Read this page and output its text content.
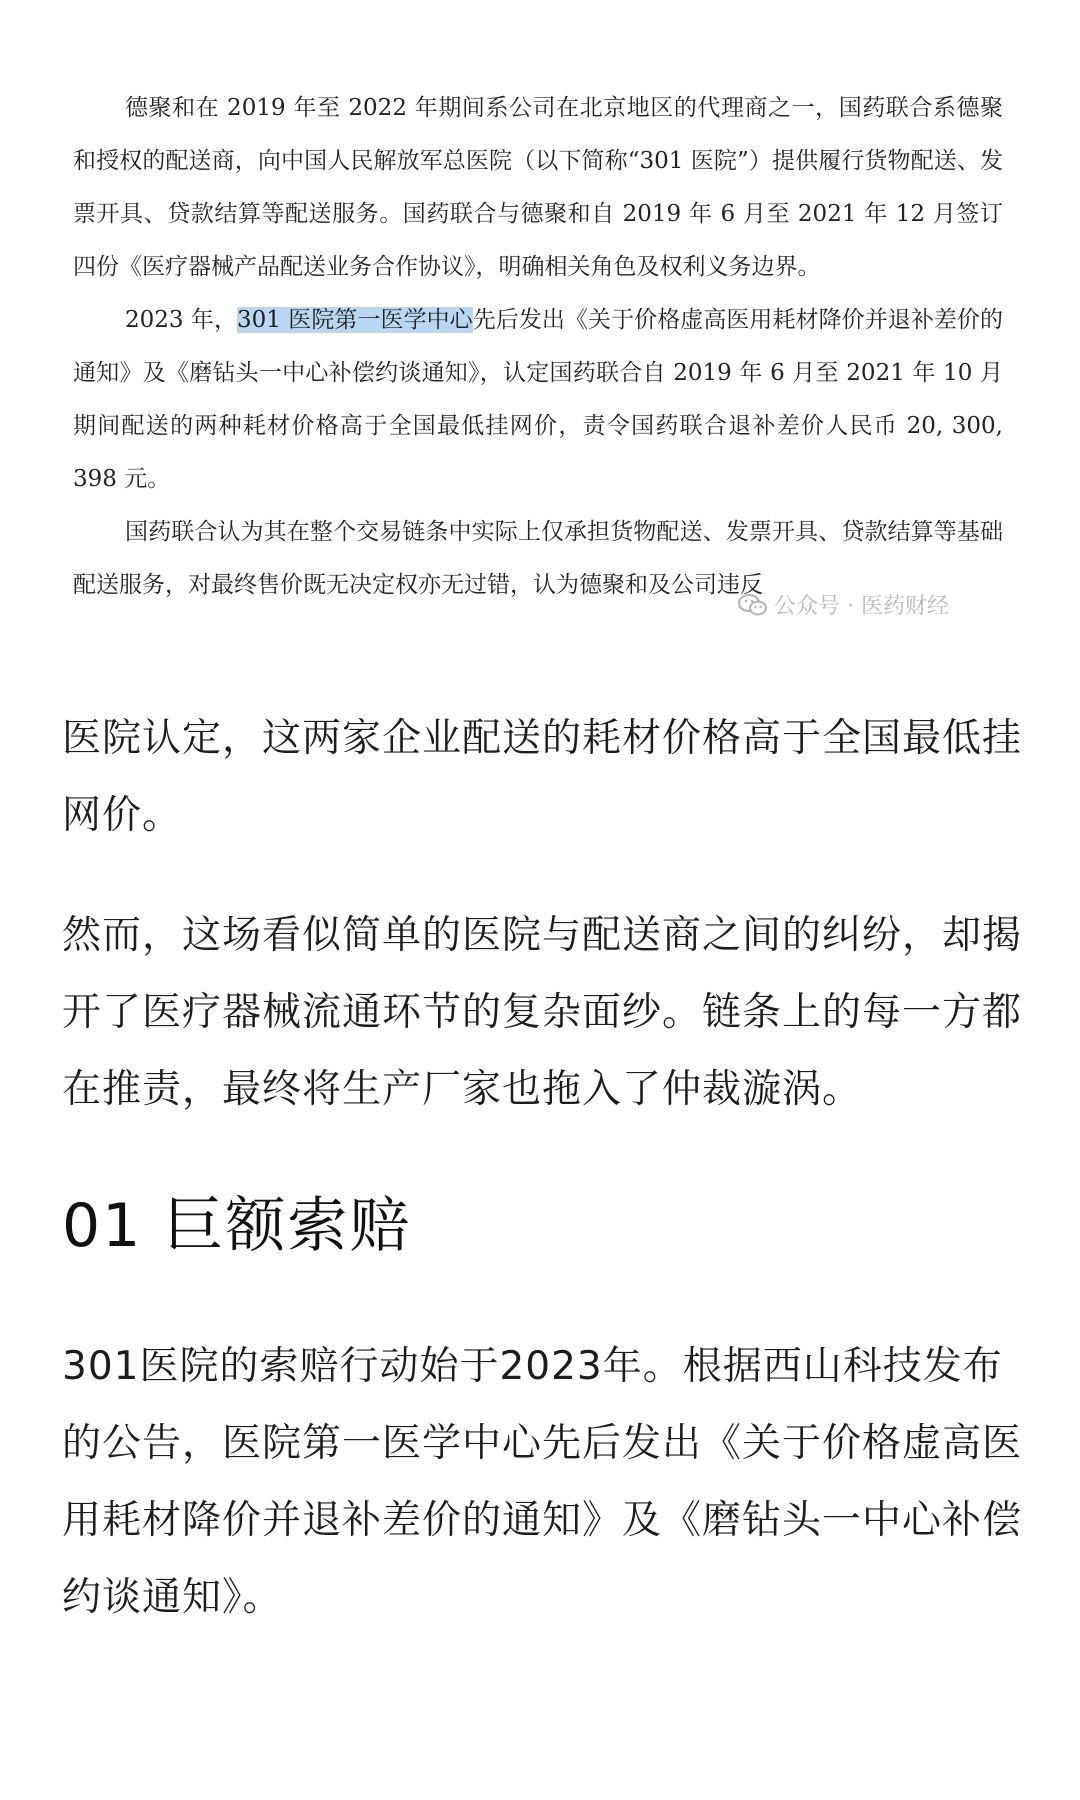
德聚和在 2019 年至 2022 年期间系公司在北京地区的代理商之一，国药联合系德聚和授权的配送商，向中国人民解放军总医院（以下简称“301 医院”）提供履行货物配送、发票开具、贷款结算等配送服务。国药联合与德聚和自 2019 年 6 月至 2021 年 12 月签订四份《医疗器械产品配送业务合作协议》，明确相关角色及权利义务边界。

2023 年，301 医院第一医学中心先后发出《关于价格虚高医用耗材降价并退补差价的通知》及《磨钻头一中心补偿约谈通知》，认定国药联合自 2019 年 6 月至 2021 年 10 月期间配送的两种耗材价格高于全国最低挂网价，责令国药联合退补差价人民币 20, 300, 398 元。

国药联合认为其在整个交易链条中实际上仅承担货物配送、发票开具、贷款结算等基础配送服务，对最终售价既无决定权亦无过错，认为德聚和及公司违反

公众号 · 医药财经

医院认定，这两家企业配送的耗材价格高于全国最低挂网价。

然而，这场看似简单的医院与配送商之间的纠纷，却揭开了医疗器械流通环节的复杂面纱。链条上的每一方都在推责，最终将生产厂家也拖入了仲裁漩涡。

01 巨额索赔

301医院的索赔行动始于2023年。根据西山科技发布的公告，医院第一医学中心先后发出《关于价格虚高医用耗材降价并退补差价的通知》及《磨钻头一中心补偿约谈通知》。
